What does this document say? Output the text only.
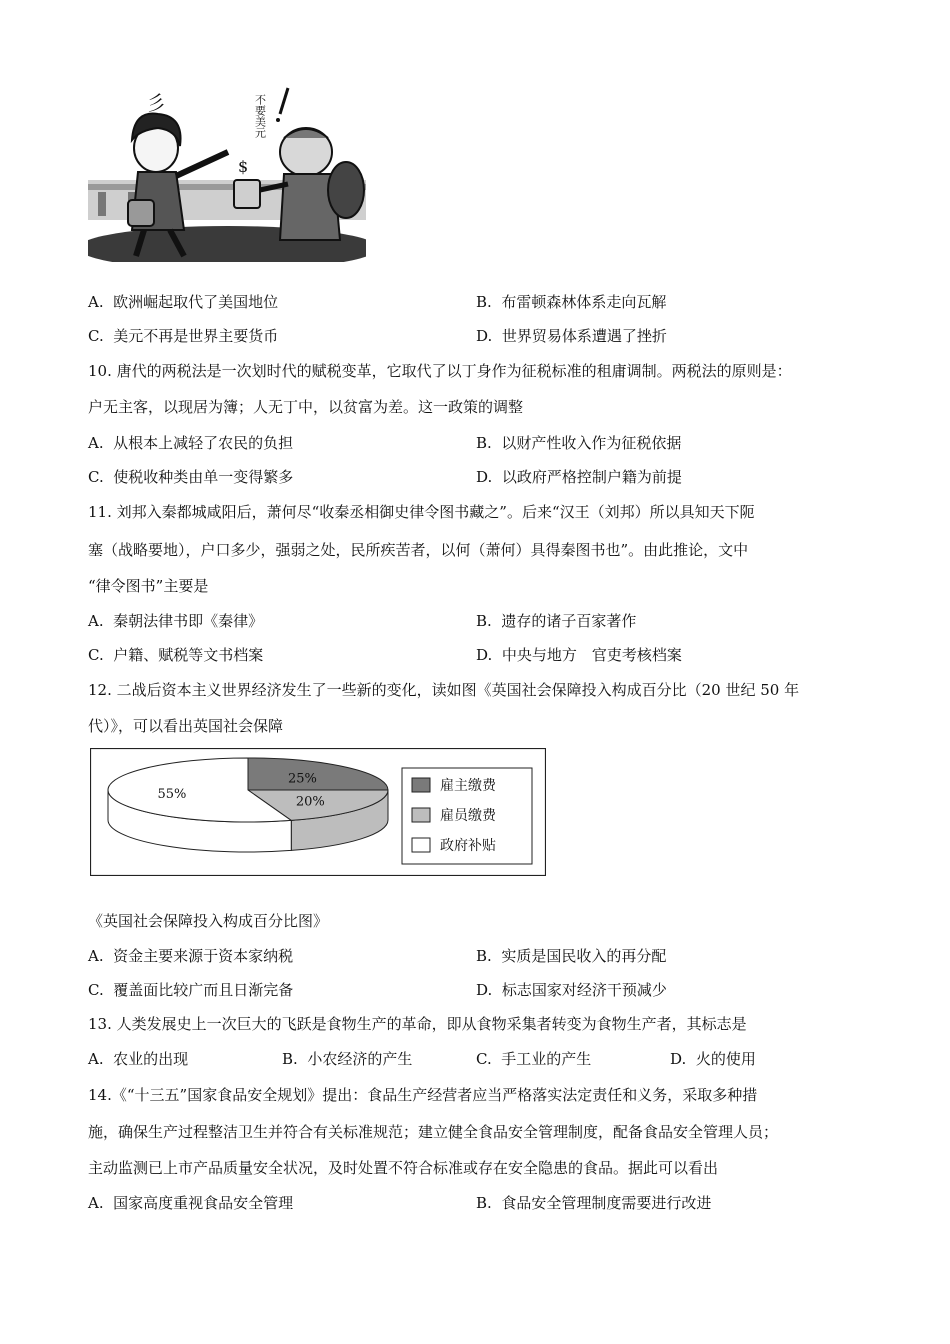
彡
$
不要美元
A. 欧洲崛起取代了美国地位	B. 布雷顿森林体系走向瓦解
C. 美元不再是世界主要货币	D. 世界贸易体系遭遇了挫折
10. 唐代的两税法是一次划时代的赋税变革，它取代了以丁身作为征税标准的租庸调制。两税法的原则是：
户无主客，以现居为簿；人无丁中，以贫富为差。这一政策的调整
A. 从根本上减轻了农民的负担	B. 以财产性收入作为征税依据
C. 使税收种类由单一变得繁多	D. 以政府严格控制户籍为前提
11. 刘邦入秦都城咸阳后，萧何尽“收秦丞相御史律令图书藏之”。后来“汉王（刘邦）所以具知天下阨
塞（战略要地），户口多少，强弱之处，民所疾苦者，以何（萧何）具得秦图书也”。由此推论，文中
“律令图书”主要是
A. 秦朝法律书即《秦律》	B. 遗存的诸子百家著作
C. 户籍、赋税等文书档案	D. 中央与地方　官吏考核档案
12. 二战后资本主义世界经济发生了一些新的变化，读如图《英国社会保障投入构成百分比（20 世纪 50 年
代）》，可以看出英国社会保障
25%
20%
55%
雇主缴费
雇员缴费
政府补贴
《英国社会保障投入构成百分比图》
A. 资金主要来源于资本家纳税	B. 实质是国民收入的再分配
C. 覆盖面比较广而且日渐完备	D. 标志国家对经济干预减少
13. 人类发展史上一次巨大的飞跃是食物生产的革命，即从食物采集者转变为食物生产者，其标志是
A. 农业的出现	B. 小农经济的产生	C. 手工业的产生	D. 火的使用
14.《“十三五”国家食品安全规划》提出：食品生产经营者应当严格落实法定责任和义务，采取多种措
施，确保生产过程整洁卫生并符合有关标准规范；建立健全食品安全管理制度，配备食品安全管理人员；
主动监测已上市产品质量安全状况，及时处置不符合标准或存在安全隐患的食品。据此可以看出
A. 国家高度重视食品安全管理	B. 食品安全管理制度需要进行改进
